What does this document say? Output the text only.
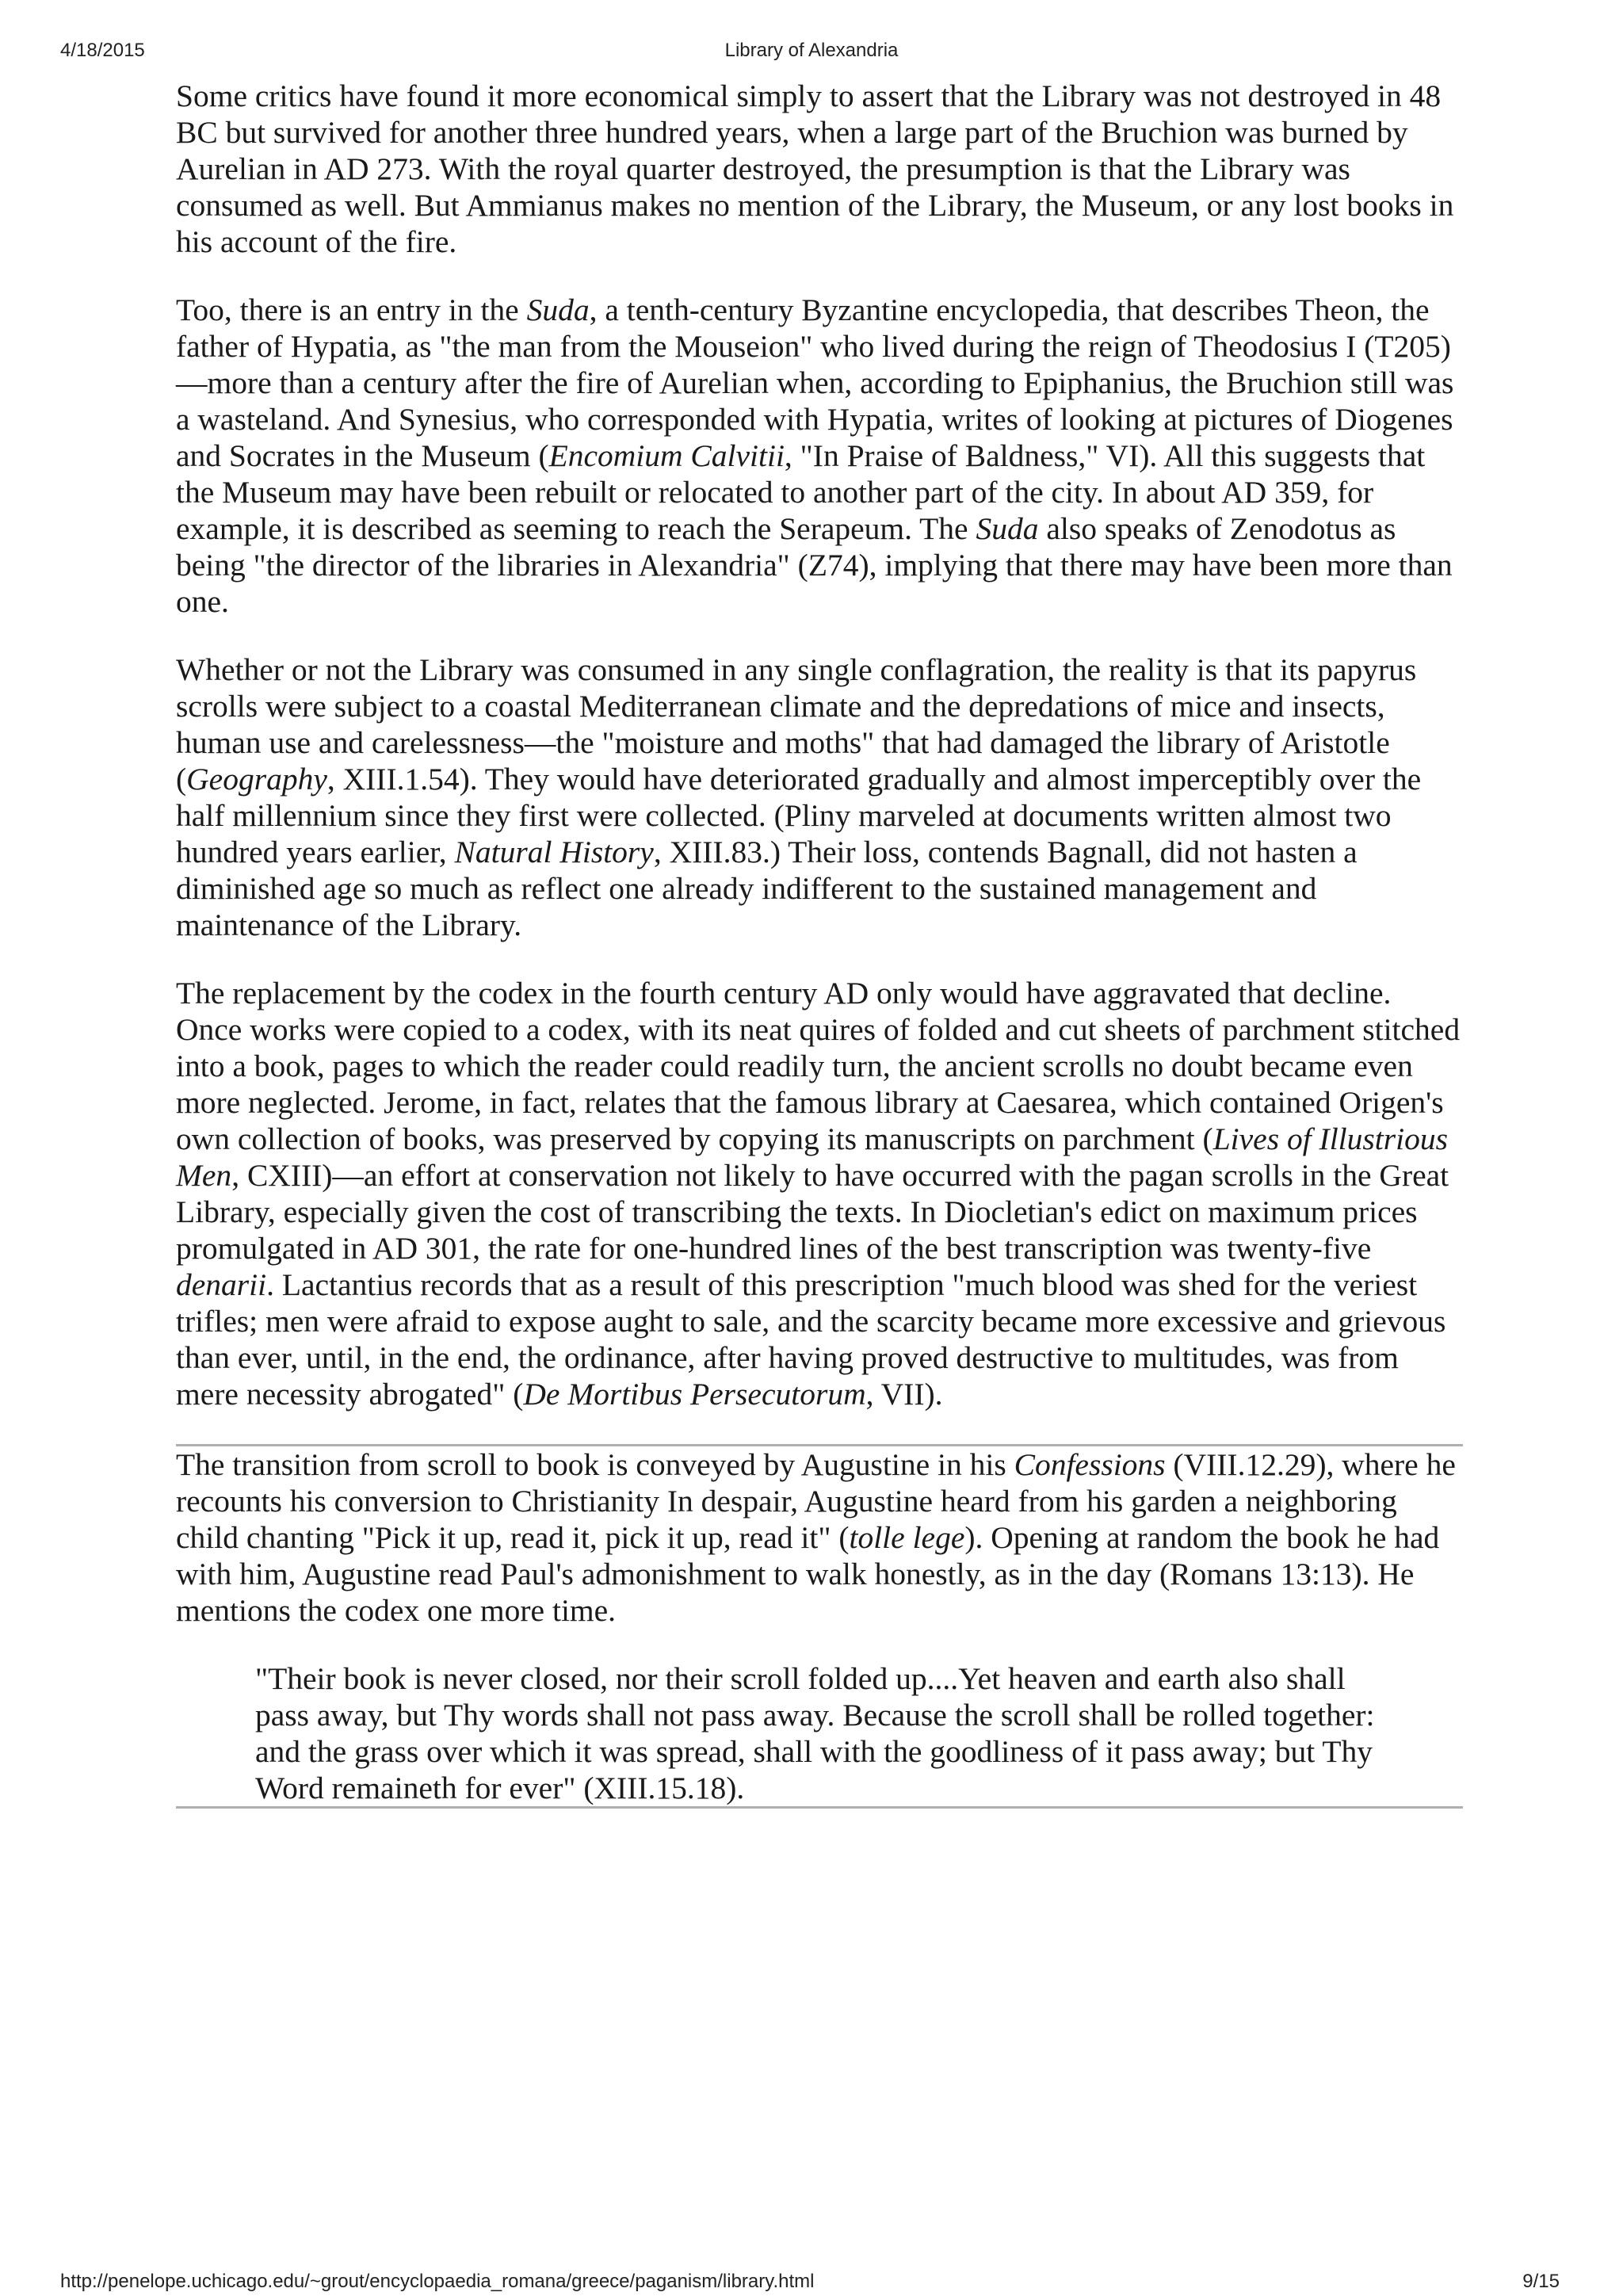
4/18/2015	Library of Alexandria

Some critics have found it more economical simply to assert that the Library was not destroyed in 48 BC but survived for another three hundred years, when a large part of the Bruchion was burned by Aurelian in AD 273. With the royal quarter destroyed, the presumption is that the Library was consumed as well. But Ammianus makes no mention of the Library, the Museum, or any lost books in his account of the fire.

Too, there is an entry in the Suda, a tenth-century Byzantine encyclopedia, that describes Theon, the father of Hypatia, as "the man from the Mouseion" who lived during the reign of Theodosius I (T205)—more than a century after the fire of Aurelian when, according to Epiphanius, the Bruchion still was a wasteland. And Synesius, who corresponded with Hypatia, writes of looking at pictures of Diogenes and Socrates in the Museum (Encomium Calvitii, "In Praise of Baldness," VI). All this suggests that the Museum may have been rebuilt or relocated to another part of the city. In about AD 359, for example, it is described as seeming to reach the Serapeum. The Suda also speaks of Zenodotus as being "the director of the libraries in Alexandria" (Z74), implying that there may have been more than one.

Whether or not the Library was consumed in any single conflagration, the reality is that its papyrus scrolls were subject to a coastal Mediterranean climate and the depredations of mice and insects, human use and carelessness—the "moisture and moths" that had damaged the library of Aristotle (Geography, XIII.1.54). They would have deteriorated gradually and almost imperceptibly over the half millennium since they first were collected. (Pliny marveled at documents written almost two hundred years earlier, Natural History, XIII.83.) Their loss, contends Bagnall, did not hasten a diminished age so much as reflect one already indifferent to the sustained management and maintenance of the Library.

The replacement by the codex in the fourth century AD only would have aggravated that decline. Once works were copied to a codex, with its neat quires of folded and cut sheets of parchment stitched into a book, pages to which the reader could readily turn, the ancient scrolls no doubt became even more neglected. Jerome, in fact, relates that the famous library at Caesarea, which contained Origen's own collection of books, was preserved by copying its manuscripts on parchment (Lives of Illustrious Men, CXIII)—an effort at conservation not likely to have occurred with the pagan scrolls in the Great Library, especially given the cost of transcribing the texts. In Diocletian's edict on maximum prices promulgated in AD 301, the rate for one-hundred lines of the best transcription was twenty-five denarii. Lactantius records that as a result of this prescription "much blood was shed for the veriest trifles; men were afraid to expose aught to sale, and the scarcity became more excessive and grievous than ever, until, in the end, the ordinance, after having proved destructive to multitudes, was from mere necessity abrogated" (De Mortibus Persecutorum, VII).

The transition from scroll to book is conveyed by Augustine in his Confessions (VIII.12.29), where he recounts his conversion to Christianity In despair, Augustine heard from his garden a neighboring child chanting "Pick it up, read it, pick it up, read it" (tolle lege). Opening at random the book he had with him, Augustine read Paul's admonishment to walk honestly, as in the day (Romans 13:13). He mentions the codex one more time.

"Their book is never closed, nor their scroll folded up....Yet heaven and earth also shall pass away, but Thy words shall not pass away. Because the scroll shall be rolled together: and the grass over which it was spread, shall with the goodliness of it pass away; but Thy Word remaineth for ever" (XIII.15.18).

http://penelope.uchicago.edu/~grout/encyclopaedia_romana/greece/paganism/library.html	9/15
